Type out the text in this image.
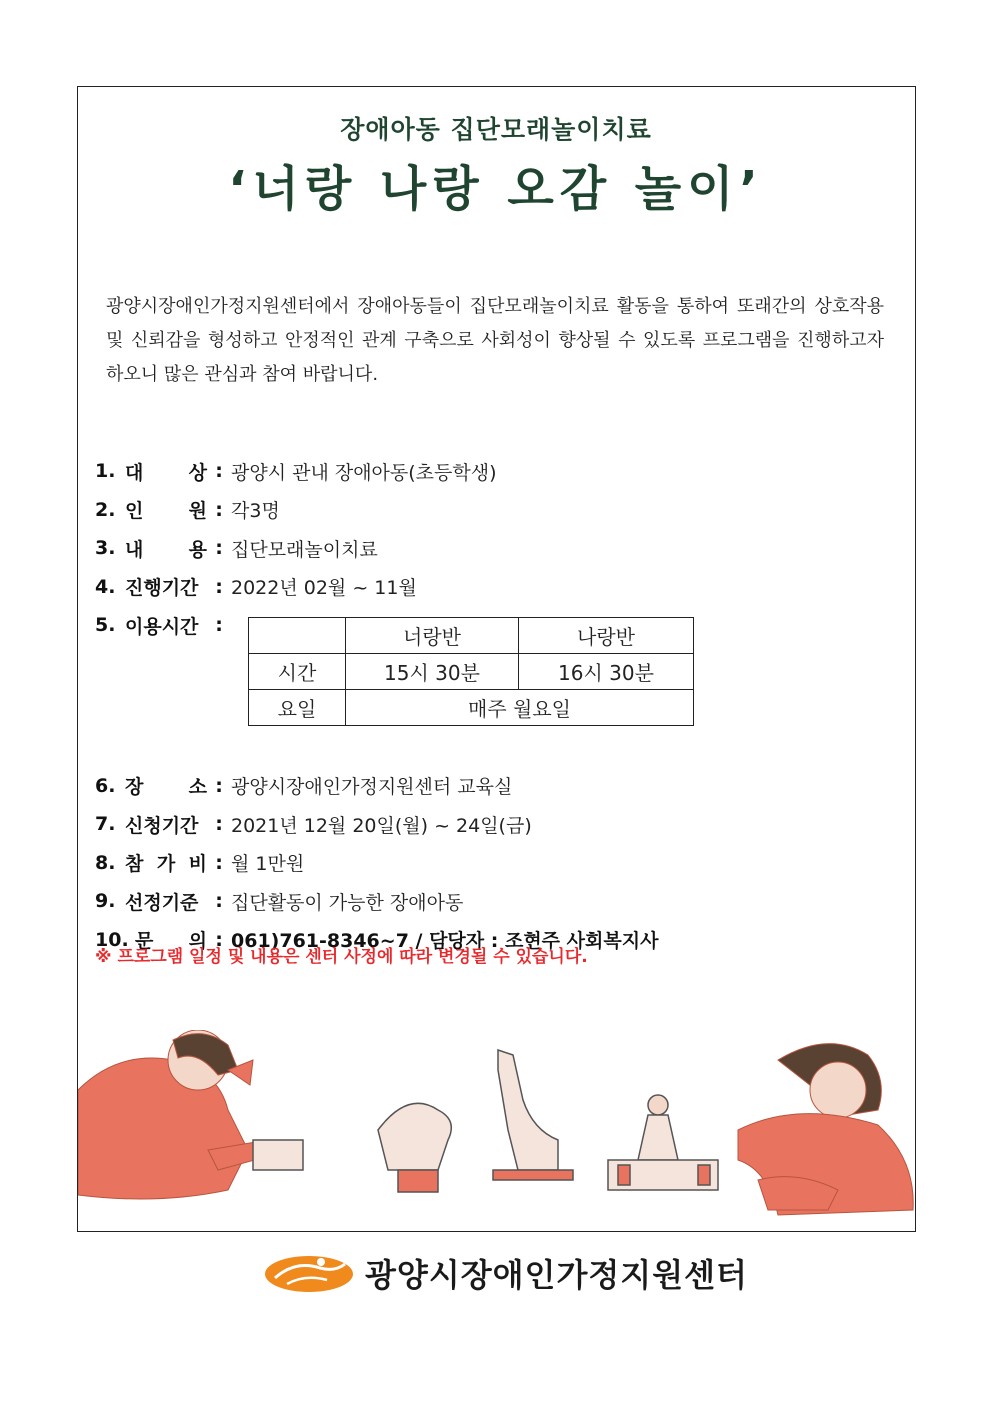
장애아동 집단모래놀이치료
‘너랑 나랑 오감 놀이’
광양시장애인가정지원센터에서 장애아동들이 집단모래놀이치료 활동을 통하여 또래간의 상호작용 및 신뢰감을 형성하고 안정적인 관계 구축으로 사회성이 향상될 수 있도록 프로그램을 진행하고자 하오니 많은 관심과 참여 바랍니다.
1. 대 상 : 광양시 관내 장애아동(초등학생)
2. 인 원 : 각3명
3. 내 용 : 집단모래놀이치료
4. 진행기간 : 2022년 02월 ~ 11월
5. 이용시간 :
6. 장 소 : 광양시장애인가정지원센터 교육실
7. 신청기간 : 2021년 12월 20일(월) ~ 24일(금)
8. 참 가 비 : 월 1만원
9. 선정기준 : 집단활동이 가능한 장애아동
10. 문 의 : 061)761-8346~7 / 담당자 : 조현주 사회복지사
	너랑반	나랑반
시간	15시 30분	16시 30분
요일	매주 월요일	
※ 프로그램 일정 및 내용은 센터 사정에 따라 변경될 수 있습니다.
광양시장애인가정지원센터
